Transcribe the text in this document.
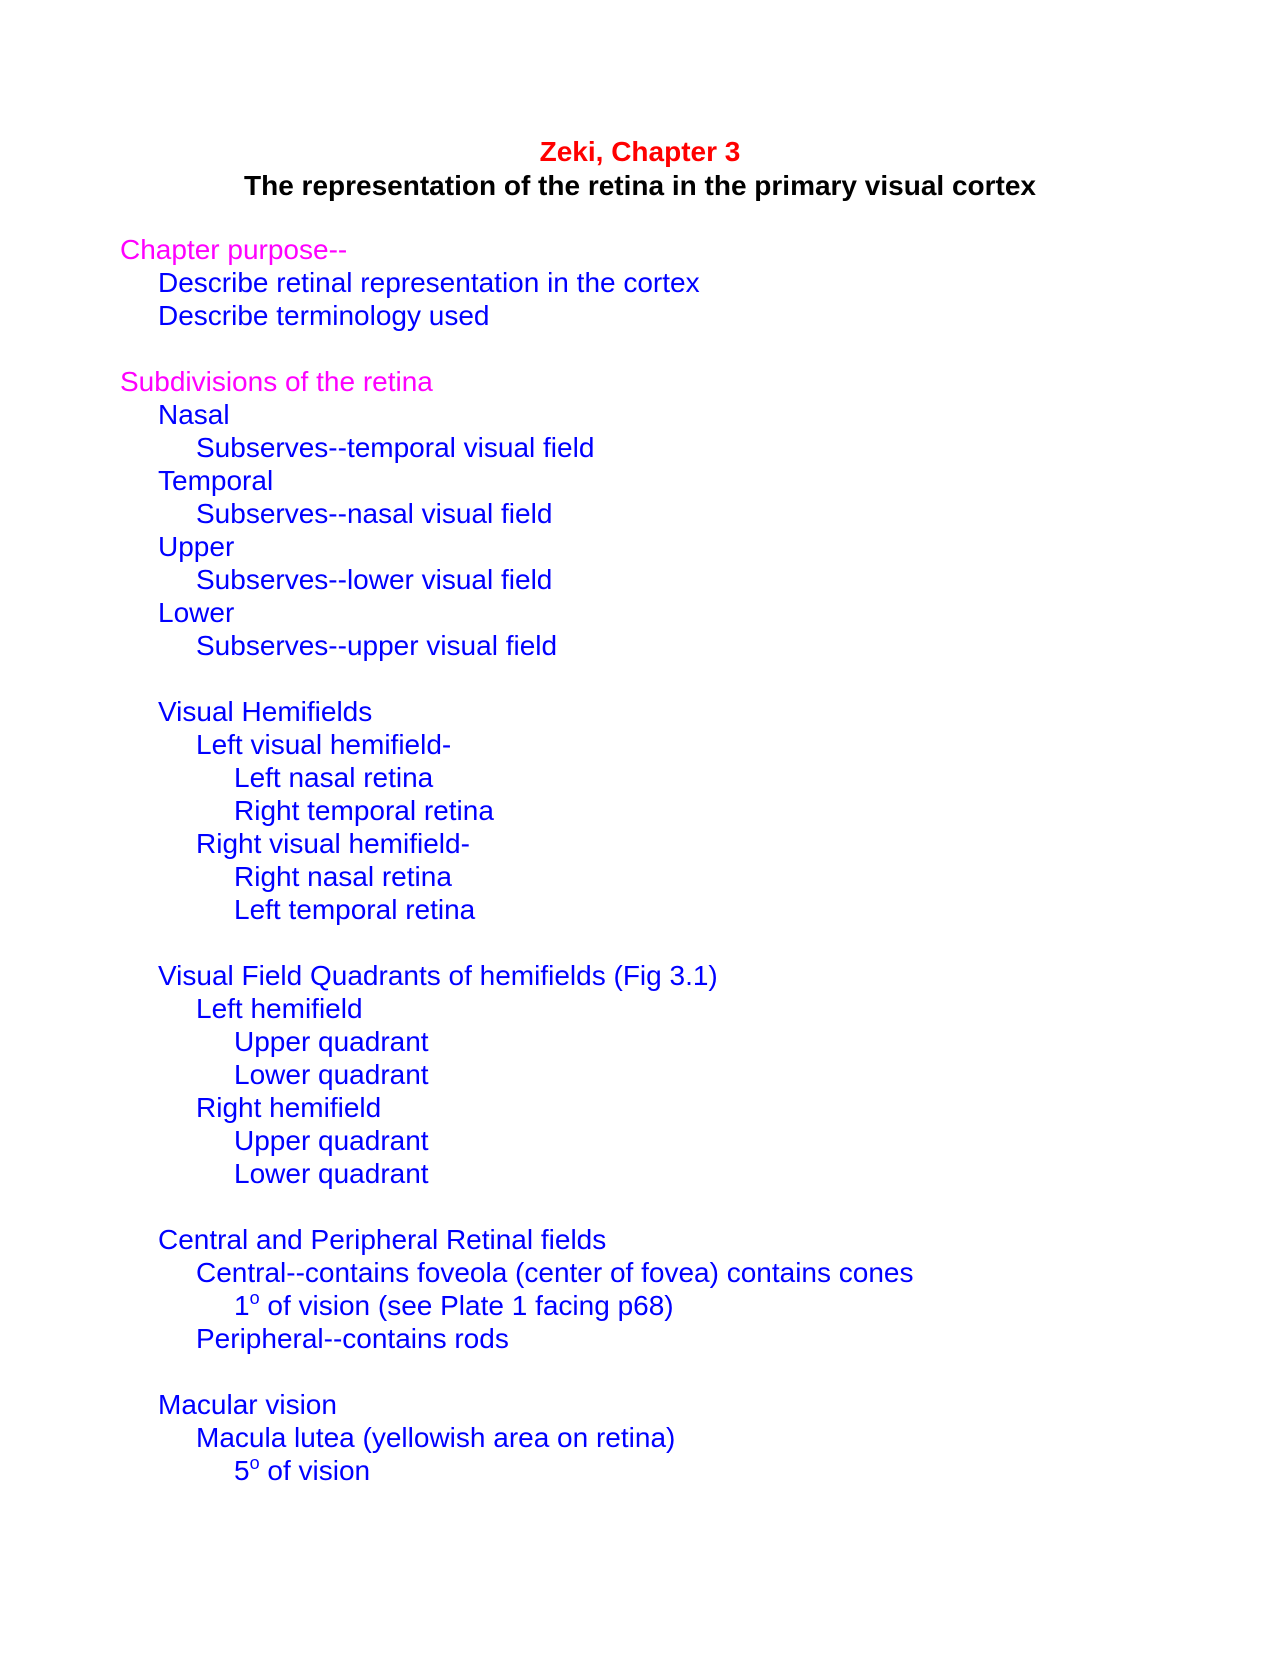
Zeki, Chapter 3
The representation of the retina in the primary visual cortex
Chapter purpose--
Describe retinal representation in the cortex
Describe terminology used
Subdivisions of the retina
Nasal
Subserves--temporal visual field
Temporal
Subserves--nasal visual field
Upper
Subserves--lower visual field
Lower
Subserves--upper visual field
Visual Hemifields
Left visual hemifield-
Left nasal retina
Right temporal retina
Right visual hemifield-
Right nasal retina
Left temporal retina
Visual Field Quadrants of hemifields (Fig 3.1)
Left hemifield
Upper quadrant
Lower quadrant
Right hemifield
Upper quadrant
Lower quadrant
Central and Peripheral Retinal fields
Central--contains foveola (center of fovea) contains cones
1$^o$ of vision (see Plate 1 facing p68)
Peripheral--contains rods
Macular vision
Macula lutea (yellowish area on retina)
5$^o$ of vision
